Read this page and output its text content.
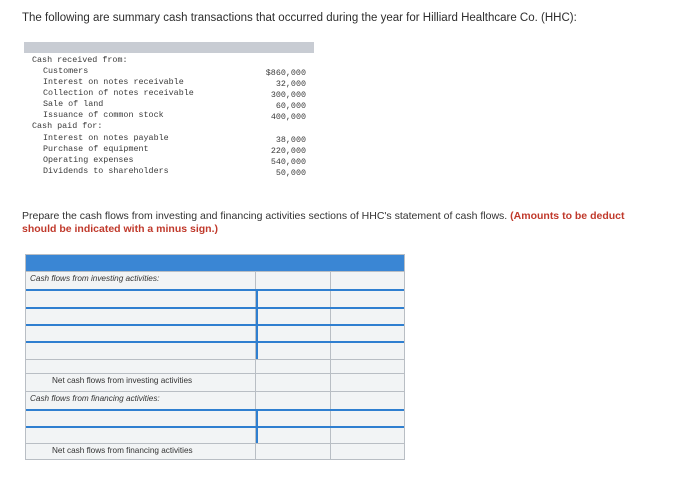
The following are summary cash transactions that occurred during the year for Hilliard Healthcare Co. (HHC):
Cash received from:
Customers	$860,000
Interest on notes receivable	32,000
Collection of notes receivable	300,000
Sale of land	60,000
Issuance of common stock	400,000
Cash paid for:
Interest on notes payable	38,000
Purchase of equipment	220,000
Operating expenses	540,000
Dividends to shareholders	50,000
Prepare the cash flows from investing and financing activities sections of HHC's statement of cash flows. (Amounts to be deduct
should be indicated with a minus sign.)
Cash flows from investing activities:
Net cash flows from investing activities
Cash flows from financing activities:
Net cash flows from financing activities
